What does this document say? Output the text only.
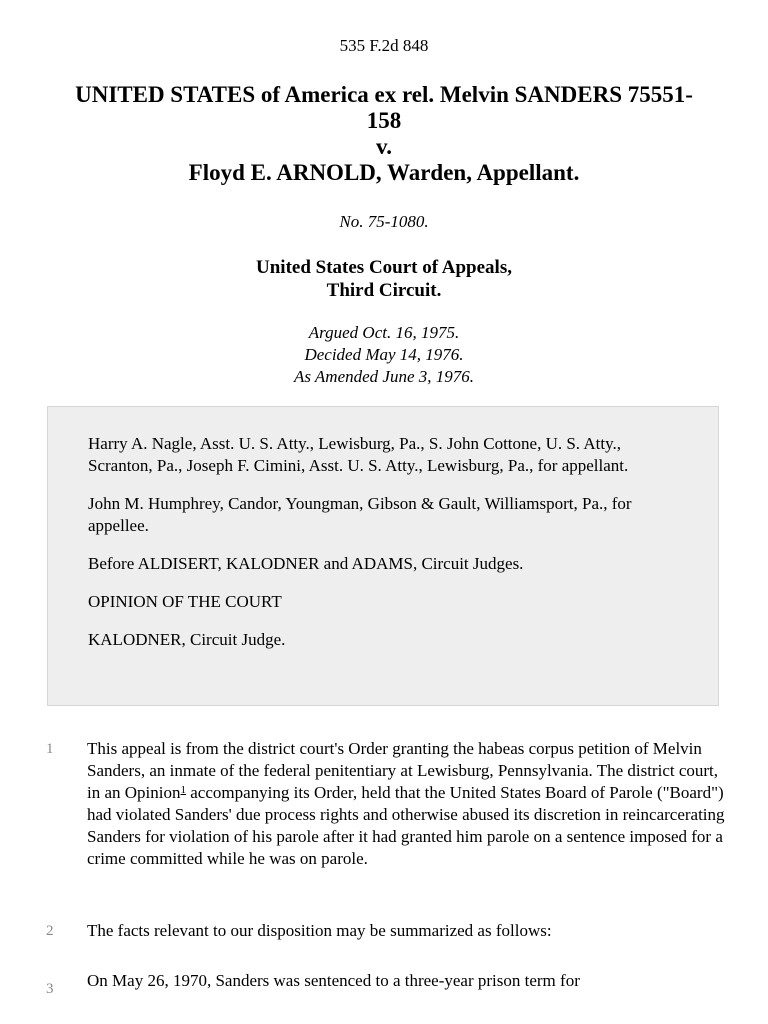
535 F.2d 848
UNITED STATES of America ex rel. Melvin SANDERS 75551-
158
v.
Floyd E. ARNOLD, Warden, Appellant.
No. 75-1080.
United States Court of Appeals,
Third Circuit.
Argued Oct. 16, 1975.
Decided May 14, 1976.
As Amended June 3, 1976.

Harry A. Nagle, Asst. U. S. Atty., Lewisburg, Pa., S. John Cottone, U. S. Atty., Scranton, Pa., Joseph F. Cimini, Asst. U. S. Atty., Lewisburg, Pa., for appellant.

John M. Humphrey, Candor, Youngman, Gibson & Gault, Williamsport, Pa., for appellee.

Before ALDISERT, KALODNER and ADAMS, Circuit Judges.

OPINION OF THE COURT

KALODNER, Circuit Judge.

1	This appeal is from the district court's Order granting the habeas corpus petition of Melvin Sanders, an inmate of the federal penitentiary at Lewisburg, Pennsylvania. The district court, in an Opinion$^1$ accompanying its Order, held that the United States Board of Parole ("Board") had violated Sanders' due process rights and otherwise abused its discretion in reincarcerating Sanders for violation of his parole after it had granted him parole on a sentence imposed for a crime committed while he was on parole.
2	The facts relevant to our disposition may be summarized as follows:
3	On May 26, 1970, Sanders was sentenced to a three-year prison term for
